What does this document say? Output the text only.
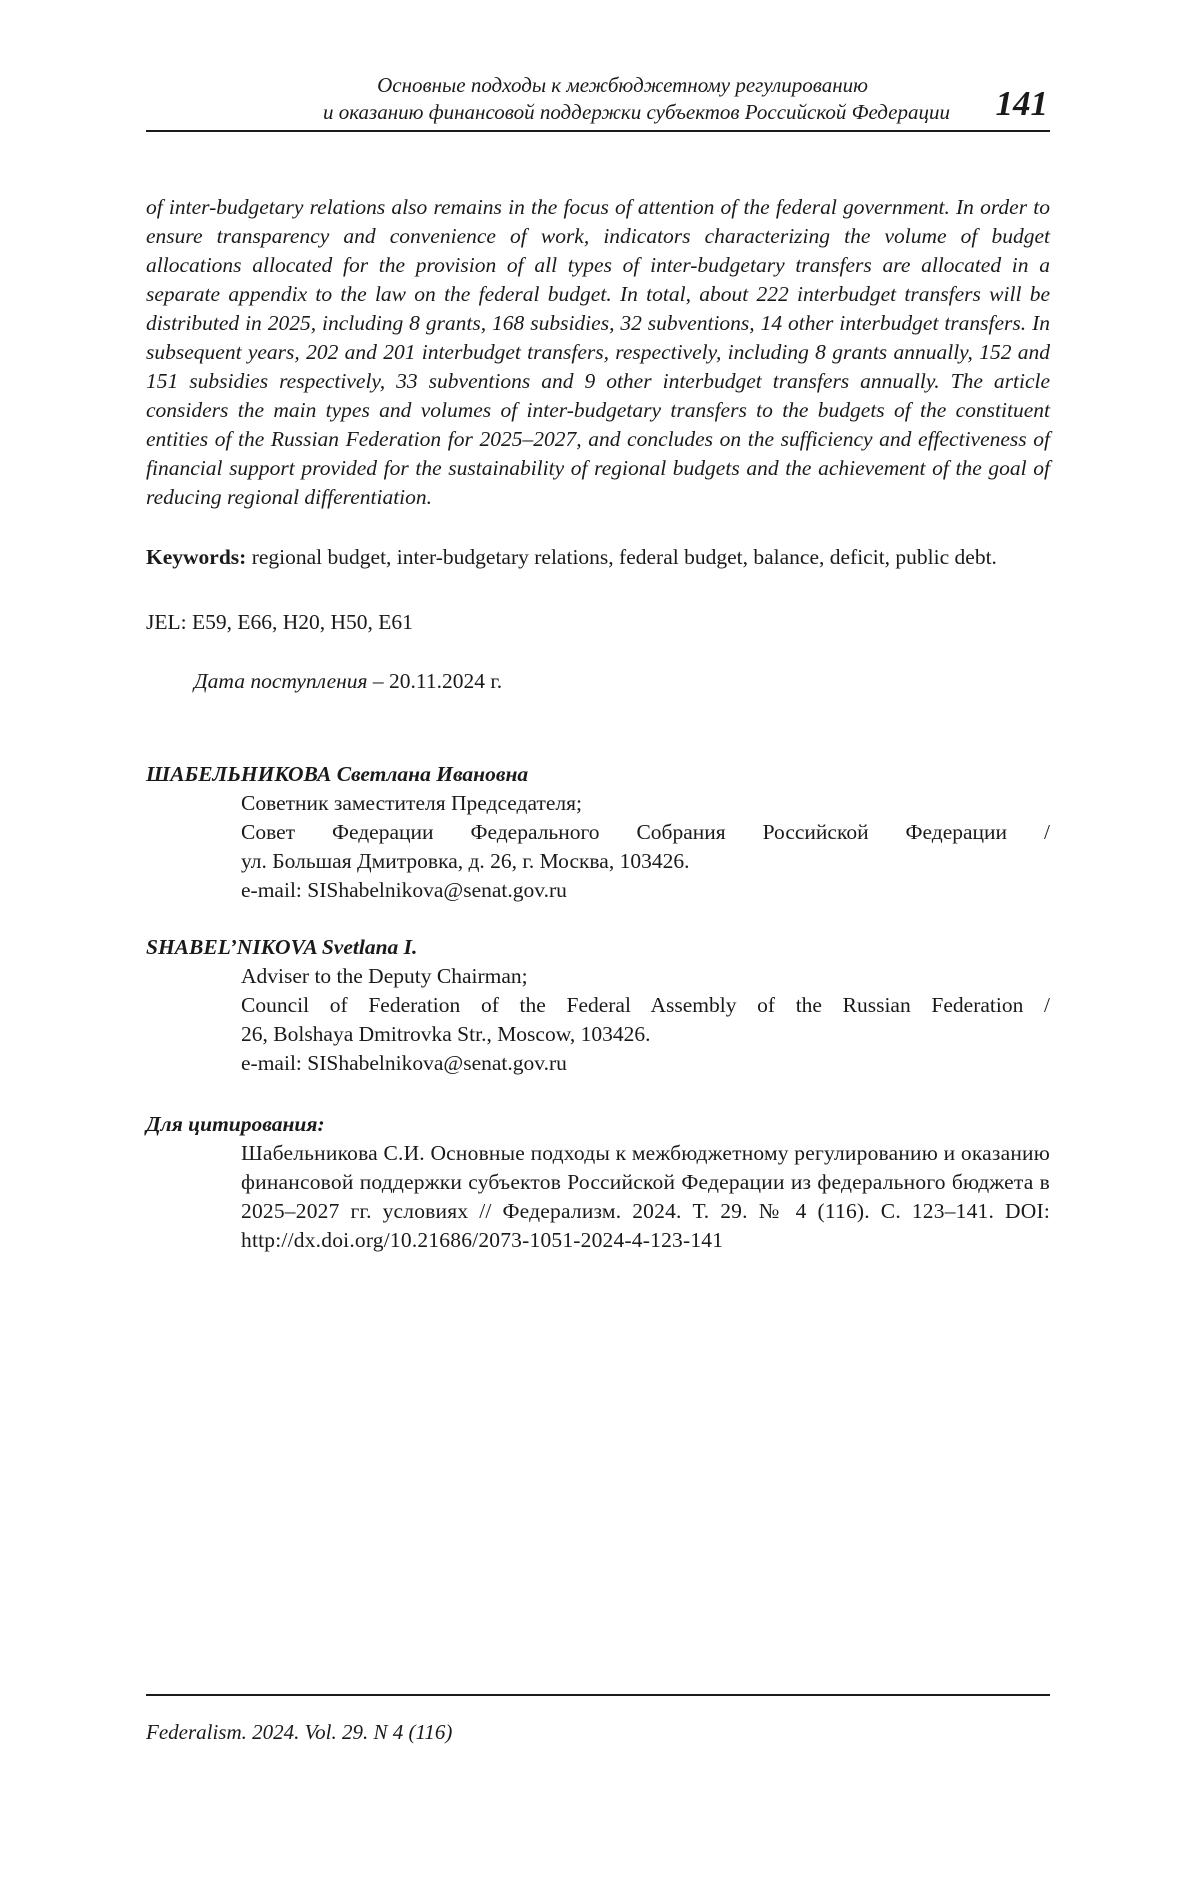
Основные подходы к межбюджетному регулированию
и оказанию финансовой поддержки субъектов Российской Федерации 141

of inter-budgetary relations also remains in the focus of attention of the federal government. In order to ensure transparency and convenience of work, indicators characterizing the volume of budget allocations allocated for the provision of all types of inter-budgetary transfers are allocated in a separate appendix to the law on the federal budget. In total, about 222 interbudget transfers will be distributed in 2025, including 8 grants, 168 subsidies, 32 subventions, 14 other interbudget transfers. In subsequent years, 202 and 201 interbudget transfers, respectively, including 8 grants annually, 152 and 151 subsidies respectively, 33 subventions and 9 other interbudget transfers annually. The article considers the main types and volumes of inter-budgetary transfers to the budgets of the constituent entities of the Russian Federation for 2025–2027, and concludes on the sufficiency and effectiveness of financial support provided for the sustainability of regional budgets and the achievement of the goal of reducing regional differentiation.

Keywords: regional budget, inter-budgetary relations, federal budget, balance, deficit, public debt.

JEL: E59, E66, H20, H50, E61

Дата поступления – 20.11.2024 г.

ШАБЕЛЬНИКОВА Светлана Ивановна
Советник заместителя Председателя;
Совет Федерации Федерального Собрания Российской Федерации /
ул. Большая Дмитровка, д. 26, г. Москва, 103426.
e-mail: SIShabelnikova@senat.gov.ru
SHABEL’NIKOVA Svetlana I.
Adviser to the Deputy Chairman;
Council of Federation of the Federal Assembly of the Russian Federation /
26, Bolshaya Dmitrovka Str., Moscow, 103426.
e-mail: SIShabelnikova@senat.gov.ru
Для цитирования:
Шабельникова С.И. Основные подходы к межбюджетному регулированию и оказанию финансовой поддержки субъектов Российской Федерации из федерального бюджета в 2025–2027 гг. условиях // Федерализм. 2024. Т. 29. № 4 (116). С. 123–141. DOI: http://dx.doi.org/10.21686/2073-1051-2024-4-123-141
Federalism. 2024. Vol. 29. N 4 (116)
